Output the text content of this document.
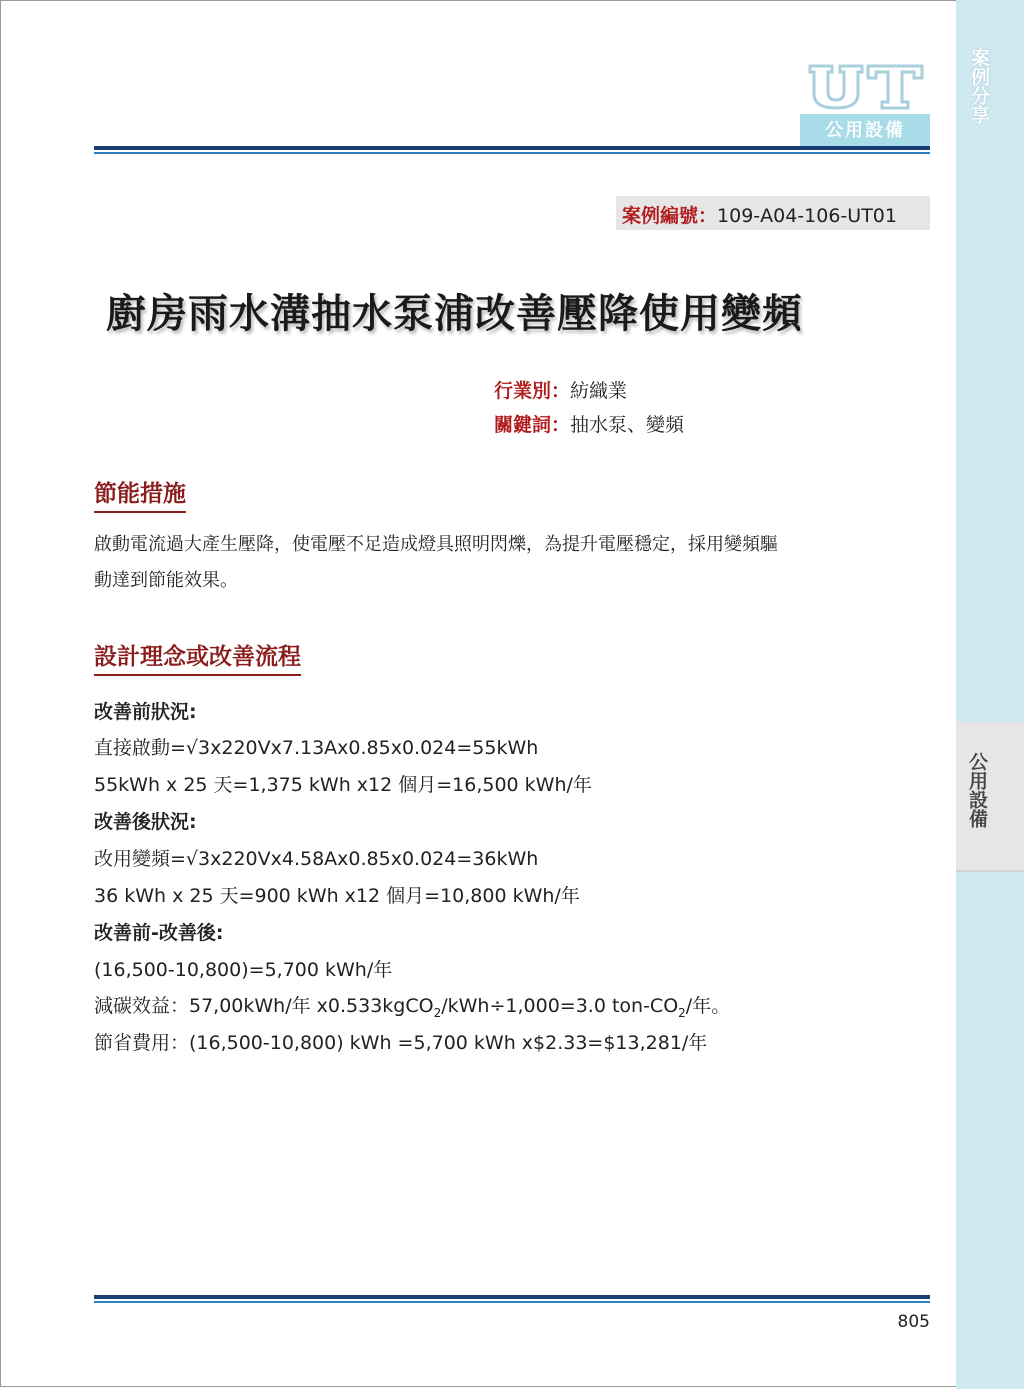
案例分享
公用設備
公用設備
案例編號：109-A04-106-UT01
廚房雨水溝抽水泵浦改善壓降使用變頻
行業別：紡織業
關鍵詞：抽水泵、變頻
節能措施
啟動電流過大產生壓降，使電壓不足造成燈具照明閃爍，為提升電壓穩定，採用變頻驅
動達到節能效果。
設計理念或改善流程
改善前狀況:
直接啟動=√3x220Vx7.13Ax0.85x0.024=55kWh
55kWh x 25 天=1,375 kWh x12 個月=16,500 kWh/年
改善後狀況:
改用變頻=√3x220Vx4.58Ax0.85x0.024=36kWh
36 kWh x 25 天=900 kWh x12 個月=10,800 kWh/年
改善前-改善後:
(16,500-10,800)=5,700 kWh/年
減碳效益：57,00kWh/年 x0.533kgCO$_2$/kWh÷1,000=3.0 ton-$CO_2/$年。
節省費用：(16,500-10,800) kWh =5,700 kWh x$2.33=$13,281/年
805
